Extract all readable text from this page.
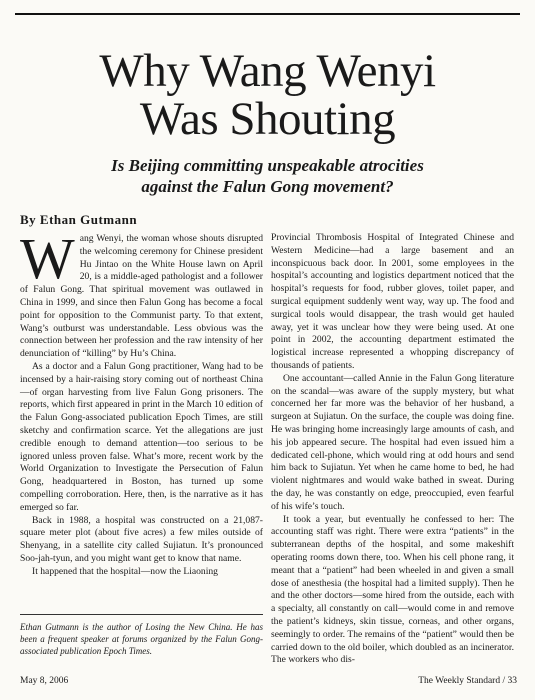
Why Wang Wenyi
Was Shouting
Is Beijing committing unspeakable atrocities
against the Falun Gong movement?

By Ethan Gutmann

Wang Wenyi, the woman whose shouts disrupted the welcoming ceremony for Chinese president Hu Jintao on the White House lawn on April 20, is a middle-aged pathologist and a follower of Falun Gong. That spiritual movement was outlawed in China in 1999, and since then Falun Gong has become a focal point for opposition to the Communist party. To that extent, Wang’s outburst was understandable. Less obvious was the connection between her profession and the raw intensity of her denunciation of “killing” by Hu’s China.

As a doctor and a Falun Gong practitioner, Wang had to be incensed by a hair-raising story coming out of northeast China—of organ harvesting from live Falun Gong prisoners. The reports, which first appeared in print in the March 10 edition of the Falun Gong-associated publication Epoch Times, are still sketchy and confirmation scarce. Yet the allegations are just credible enough to demand attention—too serious to be ignored unless proven false. What’s more, recent work by the World Organization to Investigate the Persecution of Falun Gong, headquartered in Boston, has turned up some compelling corroboration. Here, then, is the narrative as it has emerged so far.

Back in 1988, a hospital was constructed on a 21,087-square meter plot (about five acres) a few miles outside of Shenyang, in a satellite city called Sujiatun. It’s pronounced Soo-jah-tyun, and you might want get to know that name.

It happened that the hospital—now the Liaoning

Ethan Gutmann is the author of Losing the New China. He has been a frequent speaker at forums organized by the Falun Gong-associated publication Epoch Times.

Provincial Thrombosis Hospital of Integrated Chinese and Western Medicine—had a large basement and an inconspicuous back door. In 2001, some employees in the hospital’s accounting and logistics department noticed that the hospital’s requests for food, rubber gloves, toilet paper, and surgical equipment suddenly went way, way up. The food and surgical tools would disappear, the trash would get hauled away, yet it was unclear how they were being used. At one point in 2002, the accounting department estimated the logistical increase represented a whopping discrepancy of thousands of patients.

One accountant—called Annie in the Falun Gong literature on the scandal—was aware of the supply mystery, but what concerned her far more was the behavior of her husband, a surgeon at Sujiatun. On the surface, the couple was doing fine. He was bringing home increasingly large amounts of cash, and his job appeared secure. The hospital had even issued him a dedicated cell-phone, which would ring at odd hours and send him back to Sujiatun. Yet when he came home to bed, he had violent nightmares and would wake bathed in sweat. During the day, he was constantly on edge, preoccupied, even fearful of his wife’s touch.

It took a year, but eventually he confessed to her: The accounting staff was right. There were extra “patients” in the subterranean depths of the hospital, and some makeshift operating rooms down there, too. When his cell phone rang, it meant that a “patient” had been wheeled in and given a small dose of anesthesia (the hospital had a limited supply). Then he and the other doctors—some hired from the outside, each with a specialty, all constantly on call—would come in and remove the patient’s kidneys, skin tissue, corneas, and other organs, seemingly to order. The remains of the “patient” would then be carried down to the old boiler, which doubled as an incinerator. The workers who dis-

May 8, 2006	The Weekly Standard / 33
